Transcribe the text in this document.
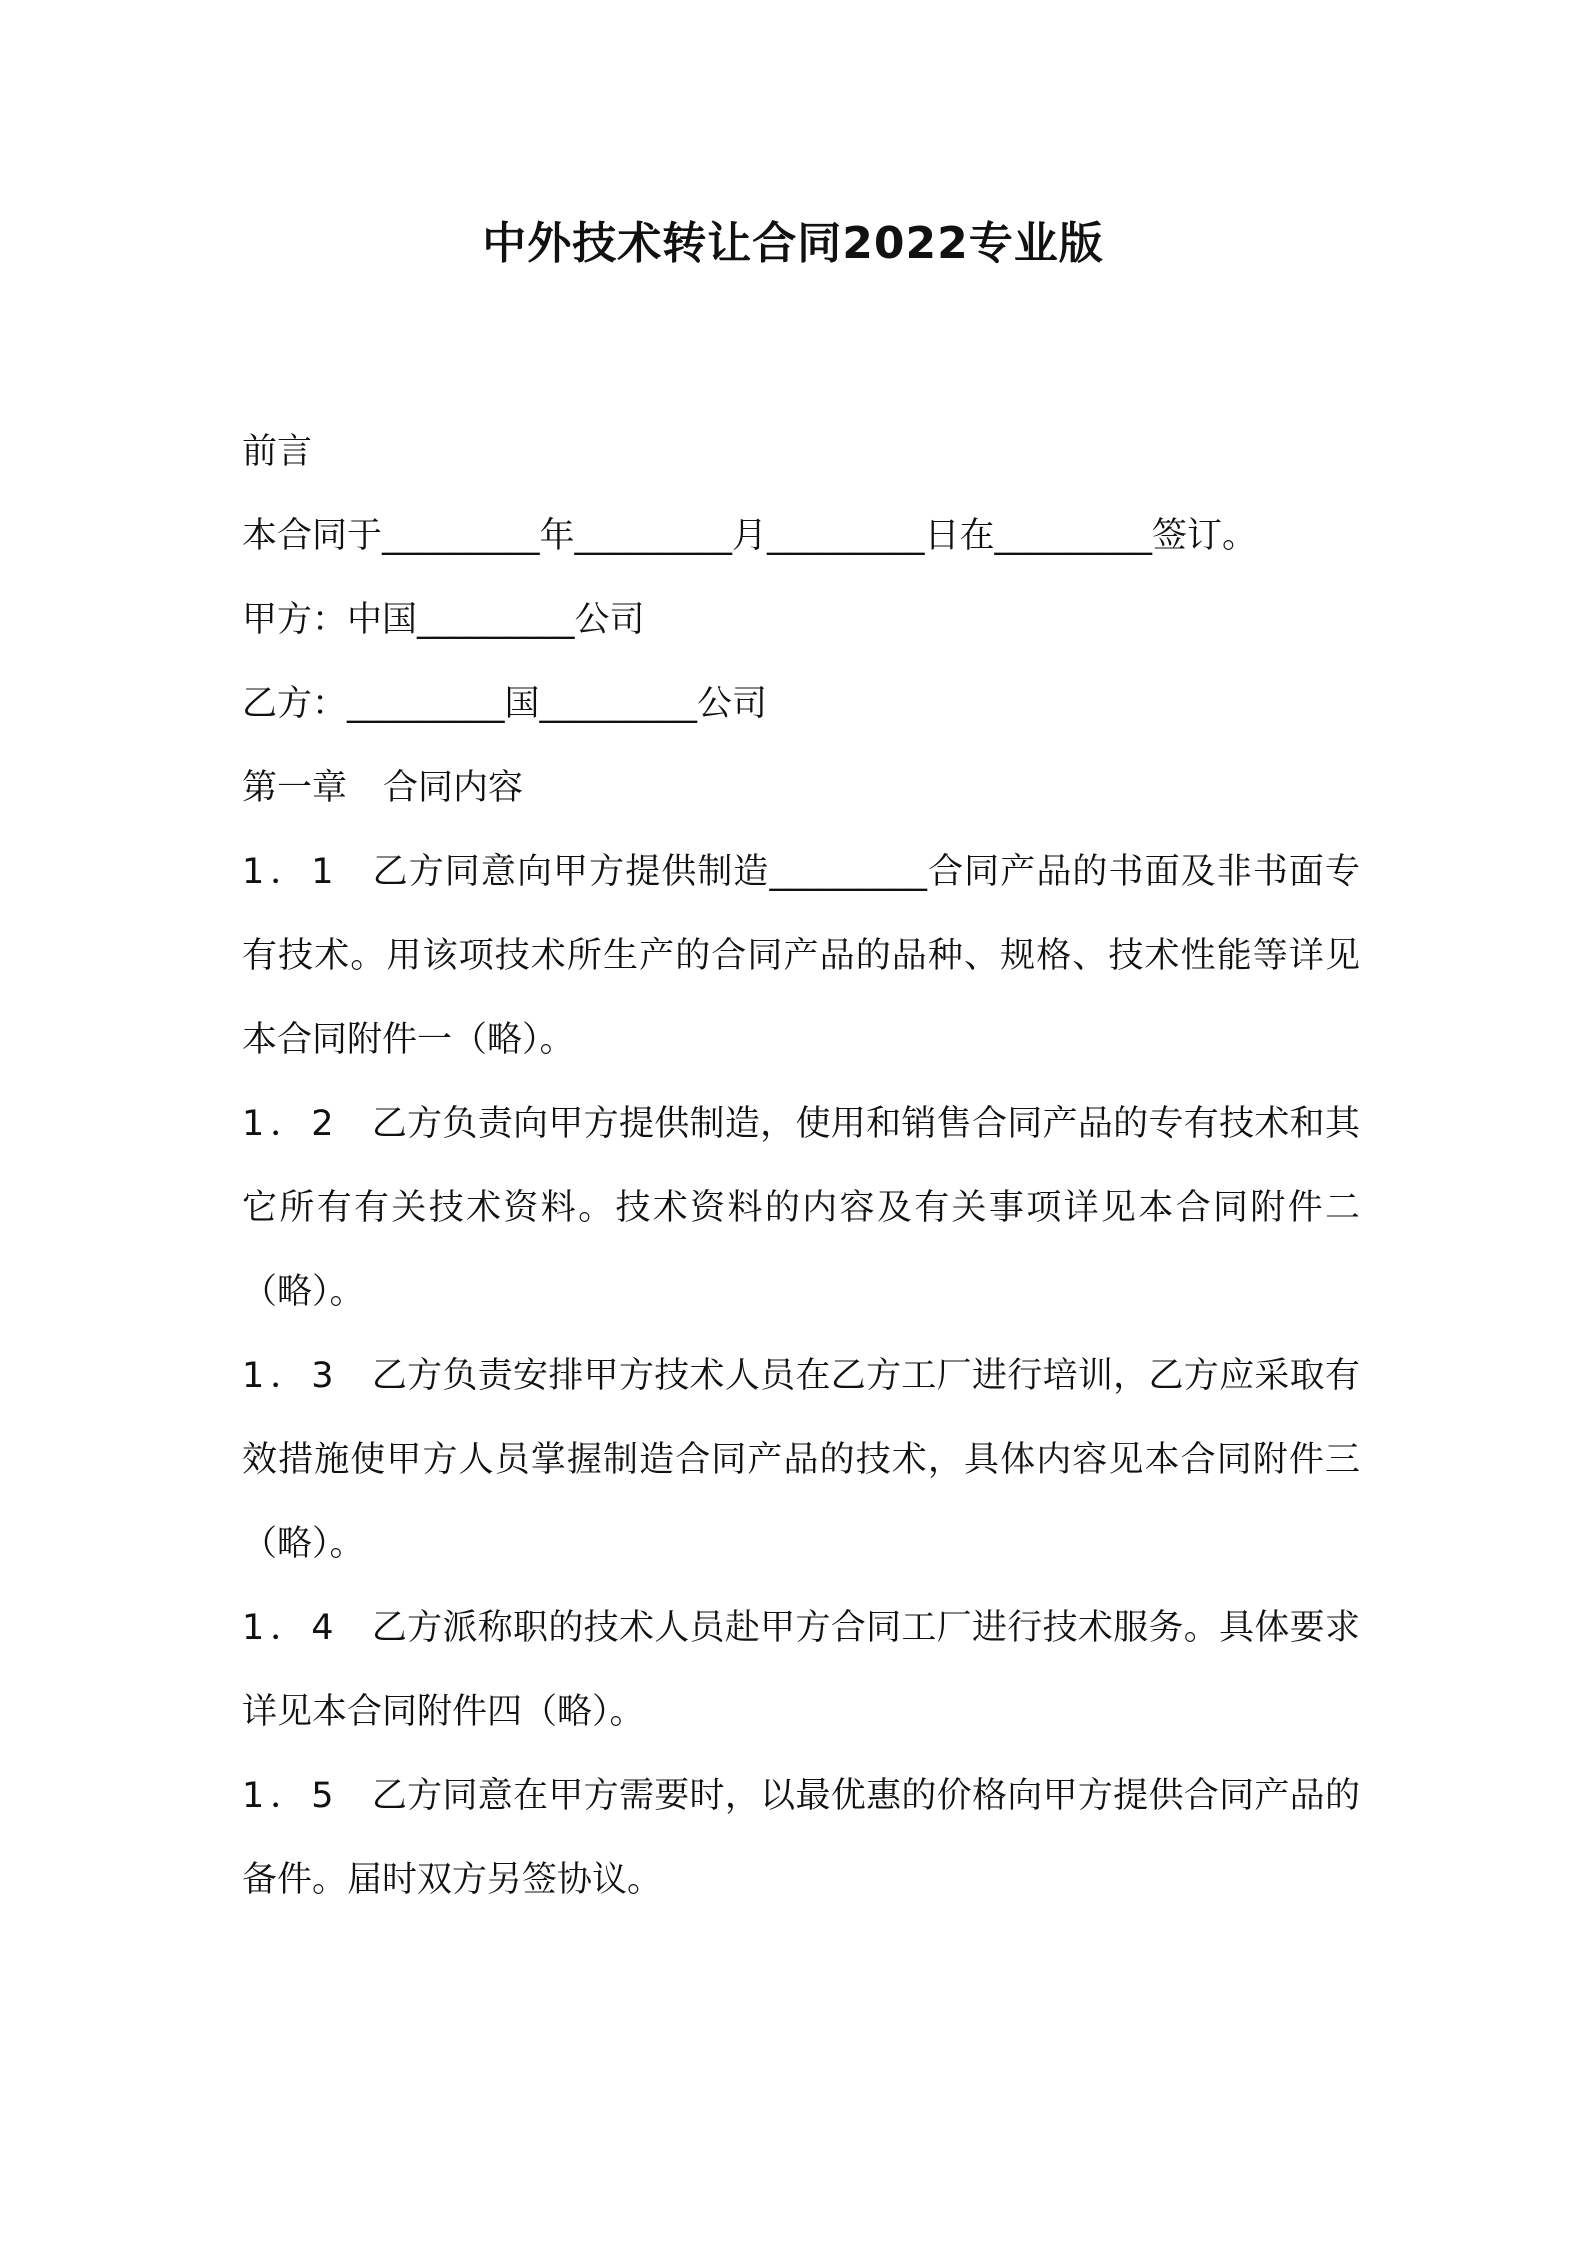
中外技术转让合同2022专业版

前言

本合同于_________年_________月_________日在_________签订。

甲方：中国_________公司

乙方：_________国_________公司

第一章 合同内容

1．1 乙方同意向甲方提供制造_________合同产品的书面及非书面专有技术。用该项技术所生产的合同产品的品种、规格、技术性能等详见本合同附件一（略）。

1．2 乙方负责向甲方提供制造，使用和销售合同产品的专有技术和其它所有有关技术资料。技术资料的内容及有关事项详见本合同附件二（略）。

1．3 乙方负责安排甲方技术人员在乙方工厂进行培训，乙方应采取有效措施使甲方人员掌握制造合同产品的技术，具体内容见本合同附件三（略）。

1．4 乙方派称职的技术人员赴甲方合同工厂进行技术服务。具体要求详见本合同附件四（略）。

1．5 乙方同意在甲方需要时，以最优惠的价格向甲方提供合同产品的备件。届时双方另签协议。
